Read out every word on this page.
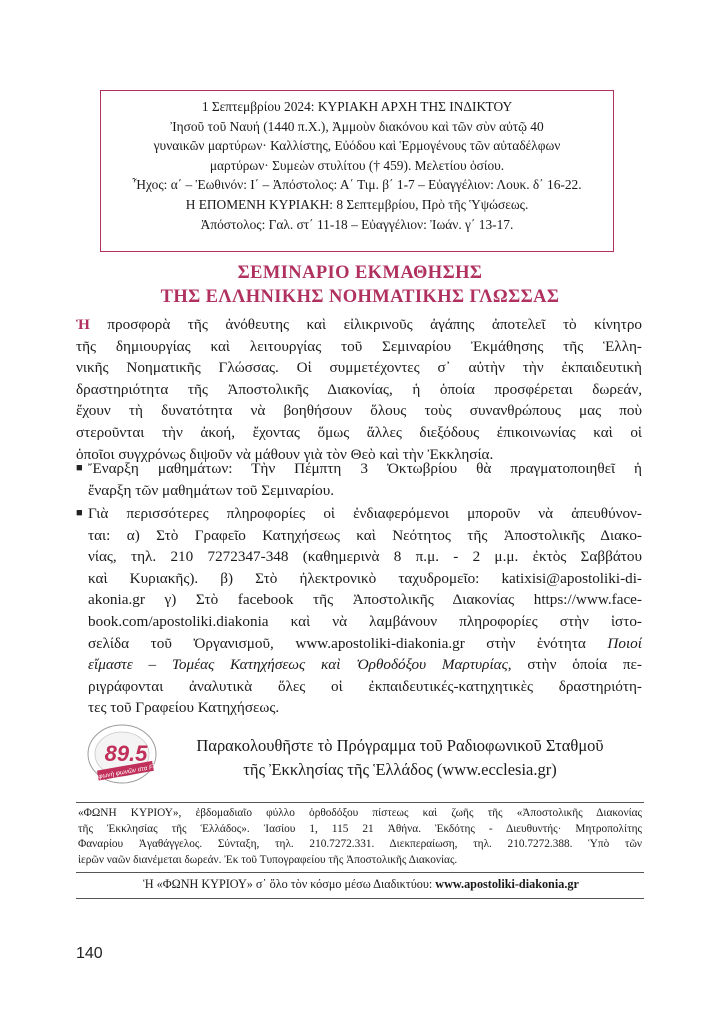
1 Σεπτεμβρίου 2024: ΚΥΡΙΑΚΗ ΑΡΧΗ ΤΗΣ ΙΝΔΙΚΤΟΥ
Ἰησοῦ τοῦ Ναυή (1440 π.Χ.), Ἀμμοὺν διακόνου καὶ τῶν σὺν αὐτῷ 40
γυναικῶν μαρτύρων· Καλλίστης, Εὐόδου καὶ Ἑρμογένους τῶν αὐταδέλφων
μαρτύρων· Συμεὼν στυλίτου († 459). Μελετίου ὁσίου.
Ἦχος: α΄ – Ἑωθινόν: Ι΄ – Ἀπόστολος: Α΄ Τιμ. β΄ 1-7 – Εὐαγγέλιον: Λουκ. δ΄ 16-22.
Η ΕΠΟΜΕΝΗ ΚΥΡΙΑΚΗ: 8 Σεπτεμβρίου, Πρὸ τῆς Ὑψώσεως.
Ἀπόστολος: Γαλ. στ΄ 11-18 – Εὐαγγέλιον: Ἰωάν. γ΄ 13-17.
ΣΕΜΙΝΑΡΙΟ ΕΚΜΑΘΗΣΗΣ
ΤΗΣ ΕΛΛΗΝΙΚΗΣ ΝΟΗΜΑΤΙΚΗΣ ΓΛΩΣΣΑΣ
Ἡ προσφορὰ τῆς ἀνόθευτης καὶ εἰλικρινοῦς ἀγάπης ἀποτελεῖ τὸ κίνητρο
τῆς δημιουργίας καὶ λειτουργίας τοῦ Σεμιναρίου Ἐκμάθησης τῆς Ἑλλη-
νικῆς Νοηματικῆς Γλώσσας. Οἱ συμμετέχοντες σ᾽ αὐτὴν τὴν ἐκπαιδευτικὴ
δραστηριότητα τῆς Ἀποστολικῆς Διακονίας, ἡ ὁποία προσφέρεται δωρεάν,
ἔχουν τὴ δυνατότητα νὰ βοηθήσουν ὅλους τοὺς συνανθρώπους μας ποὺ
στεροῦνται τὴν ἀκοή, ἔχοντας ὅμως ἄλλες διεξόδους ἐπικοινωνίας καὶ οἱ
ὁποῖοι συγχρόνως διψοῦν νὰ μάθουν γιὰ τὸν Θεὸ καὶ τὴν Ἐκκλησία.
■ Ἔναρξη μαθημάτων: Τὴν Πέμπτη 3 Ὀκτωβρίου θὰ πραγματοποιηθεῖ ἡ
ἔναρξη τῶν μαθημάτων τοῦ Σεμιναρίου.
■ Γιὰ περισσότερες πληροφορίες οἱ ἐνδιαφερόμενοι μποροῦν νὰ ἀπευθύνον-
ται: α) Στὸ Γραφεῖο Κατηχήσεως καὶ Νεότητος τῆς Ἀποστολικῆς Διακο-
νίας, τηλ. 210 7272347-348 (καθημερινὰ 8 π.μ. - 2 μ.μ. ἐκτὸς Σαββάτου
καὶ Κυριακῆς). β) Στὸ ἠλεκτρονικὸ ταχυδρομεῖο: katixisi@apostoliki-di-
akonia.gr γ) Στὸ facebook τῆς Ἀποστολικῆς Διακονίας https://www.face-
book.com/apostoliki.diakonia καὶ νὰ λαμβάνουν πληροφορίες στὴν ἱστο-
σελίδα τοῦ Ὀργανισμοῦ, www.apostoliki-diakonia.gr στὴν ἑνότητα Ποιοί
εἴμαστε – Τομέας Κατηχήσεως καὶ Ὀρθοδόξου Μαρτυρίας, στὴν ὁποία πε-
ριγράφονται ἀναλυτικὰ ὅλες οἱ ἐκπαιδευτικές-κατηχητικὲς δραστηριότη-
τες τοῦ Γραφείου Κατηχήσεως.
89.5
ἡ φωνὴ φωνῶν στα FM
Παρακολουθῆστε τὸ Πρόγραμμα τοῦ Ραδιοφωνικοῦ Σταθμοῦ
τῆς Ἐκκλησίας τῆς Ἑλλάδος (www.ecclesia.gr)
«ΦΩΝΗ ΚΥΡΙΟΥ», ἑβδομαδιαῖο φύλλο ὀρθοδόξου πίστεως καὶ ζωῆς τῆς «Ἀποστολικῆς Διακονίας
τῆς Ἐκκλησίας τῆς Ἑλλάδος». Ἰασίου 1, 115 21 Ἀθήνα. Ἐκδότης - Διευθυντής· Μητροπολίτης
Φαναρίου Ἀγαθάγγελος. Σύνταξη, τηλ. 210.7272.331. Διεκπεραίωση, τηλ. 210.7272.388. Ὑπὸ τῶν
ἱερῶν ναῶν διανέμεται δωρεάν. Ἐκ τοῦ Τυπογραφείου τῆς Ἀποστολικῆς Διακονίας.
Ἡ «ΦΩΝΗ ΚΥΡΙΟΥ» σ᾽ ὅλο τὸν κόσμο μέσω Διαδικτύου: www.apostoliki-diakonia.gr
140
